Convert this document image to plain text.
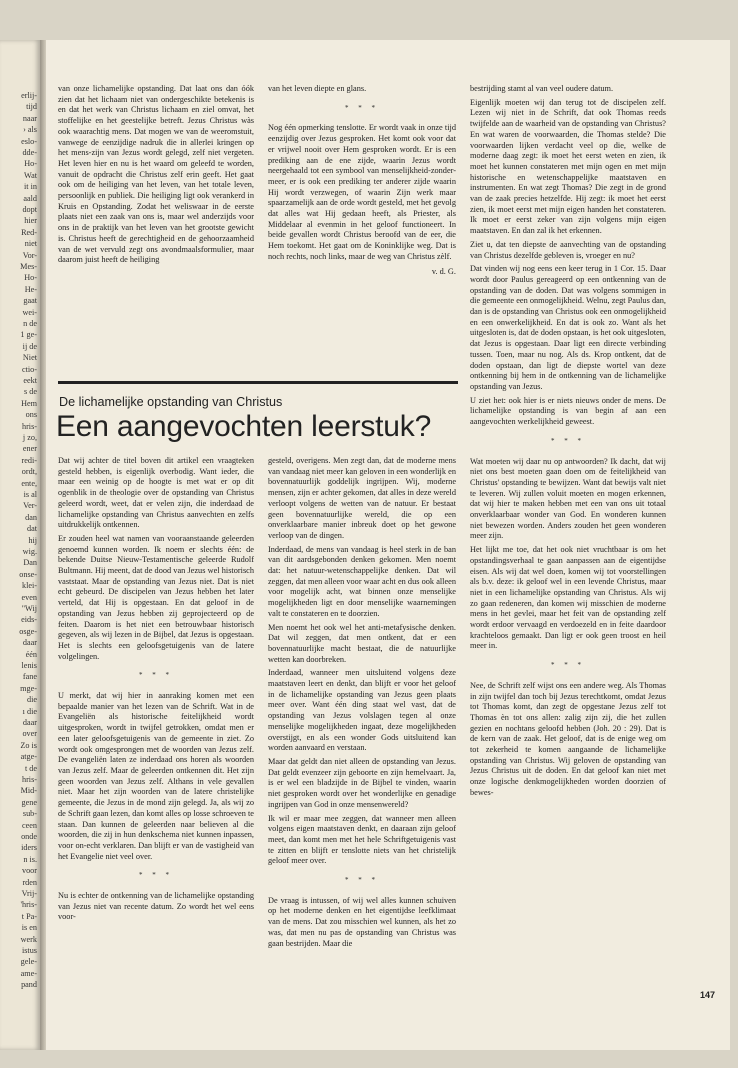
erlij-
tijd
naar
› als
eslo-
dde-
Ho-
Wat
it in
aald
dopt
hier
Red-
niet
Vor-
Mes-
Ho-
He-
gaat
wei-
n de
1 ge-
ij de
Niet
ctio-
eekt
s de
Hem
ons
hris-
j zo,
ener
redi-
ordt,
ente,
is al
Ver-
dan
dat
hij
wig.
Dan
onse-
klei-
even
"Wij
eids-
osge-
daar
één
lenis
fane
mge-
die
ı die
daar
over
Zo is
atge-
t de
hris-
Mid-
gene
sub-
ceen
onde
iders
n is.
voor
rden
Vrij-
'hris-
t Pa-
is en
werk
istus
gele-
ame-
pand

van onze lichamelijke opstanding. Dat laat ons dan óók zien dat het lichaam niet van ondergeschikte betekenis is en dat het werk van Christus lichaam en ziel omvat, het stoffelijke en het geestelijke betreft. Jezus Christus wàs ook waarachtig mens. Dat mogen we van de weeromstuit, vanwege de eenzijdige nadruk die in allerlei kringen op het mens-zijn van Jezus wordt gelegd, zelf niet vergeten. Het leven hier en nu is het waard om geleefd te worden, vanuit de opdracht die Christus zelf erin geeft. Het gaat ook om de heiliging van het leven, van het totale leven, persoonlijk en publiek. Die heiliging ligt ook verankerd in Kruis en Opstanding. Zodat het weliswaar in de eerste plaats niet een zaak van ons is, maar wel anderzijds voor ons in de praktijk van het leven van het grootste gewicht is. Christus heeft de gerechtigheid en de gehoorzaamheid van de wet vervuld zegt ons avondmaalsformulier, maar daarom juist heeft de heiliging

van het leven diepte en glans.

* * *

Nog één opmerking tenslotte. Er wordt vaak in onze tijd eenzijdig over Jezus gesproken. Het komt ook voor dat er vrijwel nooit over Hem gesproken wordt. Er is een prediking aan de ene zijde, waarin Jezus wordt neergehaald tot een symbool van menselijkheid-zonder-meer, er is ook een prediking ter anderer zijde waarin Hij wordt verzwegen, of waarin Zijn werk maar spaarzamelijk aan de orde wordt gesteld, met het gevolg dat alles wat Hij gedaan heeft, als Priester, als Middelaar al evenmin in het geloof functioneert. In beide gevallen wordt Christus beroofd van de eer, die Hem toekomt. Het gaat om de Koninklijke weg. Dat is noch rechts, noch links, maar de weg van Christus zèlf.

v. d. G.
De lichamelijke opstanding van Christus
Een aangevochten leerstuk?

Dat wij achter de titel boven dit artikel een vraagteken gesteld hebben, is eigenlijk overbodig. Want ieder, die maar een weinig op de hoogte is met wat er op dit ogenblik in de theologie over de opstanding van Christus geleerd wordt, weet, dat er velen zijn, die inderdaad de lichamelijke opstanding van Christus aanvechten en zelfs uitdrukkelijk ontkennen.

Er zouden heel wat namen van vooraanstaande geleerden genoemd kunnen worden. Ik noem er slechts één: de bekende Duitse Nieuw-Testamentische geleerde Rudolf Bultmann. Hij meent, dat de dood van Jezus wel historisch vaststaat. Maar de opstanding van Jezus niet. Dat is niet echt gebeurd. De discipelen van Jezus hebben het later verteld, dat Hij is opgestaan. En dat geloof in de opstanding van Jezus hebben zij geprojecteerd op de feiten. Daarom is het niet een betrouwbaar historisch gegeven, als wij lezen in de Bijbel, dat Jezus is opgestaan. Het is slechts een geloofsgetuigenis van de latere volgelingen.

* * *

U merkt, dat wij hier in aanraking komen met een bepaalde manier van het lezen van de Schrift. Wat in de Evangeliën als historische feitelijkheid wordt uitgesproken, wordt in twijfel getrokken, omdat men er een later geloofsgetuigenis van de gemeente in ziet. Zo wordt ook omgesprongen met de woorden van Jezus zelf. De evangeliën laten ze inderdaad ons horen als woorden van Jezus zelf. Maar de geleerden ontkennen dit. Het zijn geen woorden van Jezus zelf. Althans in vele gevallen niet. Maar het zijn woorden van de latere christelijke gemeente, die Jezus in de mond zijn gelegd. Ja, als wij zo de Schrift gaan lezen, dan komt alles op losse schroeven te staan. Dan kunnen de geleerden naar believen al die woorden, die zij in hun denkschema niet kunnen inpassen, voor on-echt verklaren. Dan blijft er van de vastigheid van het Evangelie niet veel over.

* * *

Nu is echter de ontkenning van de lichamelijke opstanding van Jezus niet van recente datum. Zo wordt het wel eens voor-

gesteld, overigens. Men zegt dan, dat de moderne mens van vandaag niet meer kan geloven in een wonderlijk en bovennatuurlijk goddelijk ingrijpen. Wij, moderne mensen, zijn er achter gekomen, dat alles in deze wereld verloopt volgens de wetten van de natuur. Er bestaat geen bovennatuurlijke wereld, die op een onverklaarbare manier inbreuk doet op het gewone verloop van de dingen.

Inderdaad, de mens van vandaag is heel sterk in de ban van dit aardsgebonden denken gekomen. Men noemt dat: het natuur-wetenschappelijke denken. Dat wil zeggen, dat men alleen voor waar acht en dus ook alleen voor mogelijk acht, wat binnen onze menselijke mogelijkheden ligt en door menselijke waarnemingen valt te constateren en te doorzien.

Men noemt het ook wel het anti-metafysische denken. Dat wil zeggen, dat men ontkent, dat er een bovennatuurlijke macht bestaat, die de natuurlijke wetten kan doorbreken.

Inderdaad, wanneer men uitsluitend volgens deze maatstaven leert en denkt, dan blijft er voor het geloof in de lichamelijke opstanding van Jezus geen plaats meer over. Want één ding staat wel vast, dat de opstanding van Jezus volslagen tegen al onze menselijke mogelijkheden ingaat, deze mogelijkheden overstijgt, en als een wonder Gods uitsluitend kan worden aanvaard en verstaan.

Maar dat geldt dan niet alleen de opstanding van Jezus. Dat geldt evenzeer zijn geboorte en zijn hemelvaart. Ja, is er wel een bladzijde in de Bijbel te vinden, waarin niet gesproken wordt over het wonderlijke en genadige ingrijpen van God in onze mensenwereld?

Ik wil er maar mee zeggen, dat wanneer men alleen volgens eigen maatstaven denkt, en daaraan zijn geloof meet, dan komt men met het hele Schriftgetuigenis vast te zitten en blijft er tenslotte niets van het christelijk geloof meer over.

* * *

De vraag is intussen, of wij wel alles kunnen schuiven op het moderne denken en het eigentijdse leefklimaat van de mens. Dat zou misschien wel kunnen, als het zo was, dat men nu pas de opstanding van Christus was gaan bestrijden. Maar die

bestrijding stamt al van veel oudere datum.

Eigenlijk moeten wij dan terug tot de discipelen zelf. Lezen wij niet in de Schrift, dat ook Thomas reeds twijfelde aan de waarheid van de opstanding van Christus? En wat waren de voorwaarden, die Thomas stelde? Die voorwaarden lijken verdacht veel op die, welke de moderne daag zegt: ik moet het eerst weten en zien, ik moet het kunnen constateren met mijn ogen en met mijn historische en wetenschappelijke maatstaven en instrumenten. En wat zegt Thomas? Die zegt in de grond van de zaak precies hetzelfde. Hij zegt: ik moet het eerst zien, ik moet eerst met mijn eigen handen het constateren. Ik moet er eerst zeker van zijn volgens mijn eigen maatstaven. En dan zal ik het erkennen.

Ziet u, dat ten diepste de aanvechting van de opstanding van Christus dezelfde gebleven is, vroeger en nu?

Dat vinden wij nog eens een keer terug in 1 Cor. 15. Daar wordt door Paulus gereageerd op een ontkenning van de opstanding van de doden. Dat was volgens sommigen in die gemeente een onmogelijkheid. Welnu, zegt Paulus dan, dan is de opstanding van Christus ook een onmogelijkheid en een onwerkelijkheid. En dat is ook zo. Want als het uitgesloten is, dat de doden opstaan, is het ook uitgesloten, dat Jezus is opgestaan. Daar ligt een directe verbinding tussen. Toen, maar nu nog. Als ds. Krop ontkent, dat de doden opstaan, dan ligt de diepste wortel van deze ontkenning bij hem in de ontkenning van de lichamelijke opstanding van Jezus.

U ziet het: ook hier is er niets nieuws onder de mens. De lichamelijke opstanding is van begin af aan een aangevochten werkelijkheid geweest.

* * *

Wat moeten wij daar nu op antwoorden? Ik dacht, dat wij niet ons best moeten gaan doen om de feitelijkheid van Christus' opstanding te bewijzen. Want dat bewijs valt niet te leveren. Wij zullen voluit moeten en mogen erkennen, dat wij hier te maken hebben met een van ons uit totaal onverklaarbaar wonder van God. En wonderen kunnen niet bewezen worden. Anders zouden het geen wonderen meer zijn.

Het lijkt me toe, dat het ook niet vruchtbaar is om het opstandingsverhaal te gaan aanpassen aan de eigentijdse eisen. Als wij dat wel doen, komen wij tot voorstellingen als b.v. deze: ik geloof wel in een levende Christus, maar niet in een lichamelijke opstanding van Christus. Als wij zo gaan redeneren, dan komen wij misschien de moderne mens in het gevlei, maar het feit van de opstanding zelf wordt erdoor vervaagd en verdoezeld en in feite daardoor krachteloos gemaakt. Dan ligt er ook geen troost en heil meer in.

* * *

Nee, de Schrift zelf wijst ons een andere weg. Als Thomas in zijn twijfel dan toch bij Jezus terechtkomt, omdat Jezus tot Thomas komt, dan zegt de opgestane Jezus zelf tot Thomas èn tot ons allen: zalig zijn zij, die het zullen gezien en nochtans geloofd hebben (Joh. 20 : 29). Dat is de kern van de zaak. Het geloof, dat is de enige weg om tot zekerheid te komen aangaande de lichamelijke opstanding van Christus. Wij geloven de opstanding van Jezus Christus uit de doden. En dat geloof kan niet met onze logische denkmogelijkheden worden doorzien of bewes-

147
